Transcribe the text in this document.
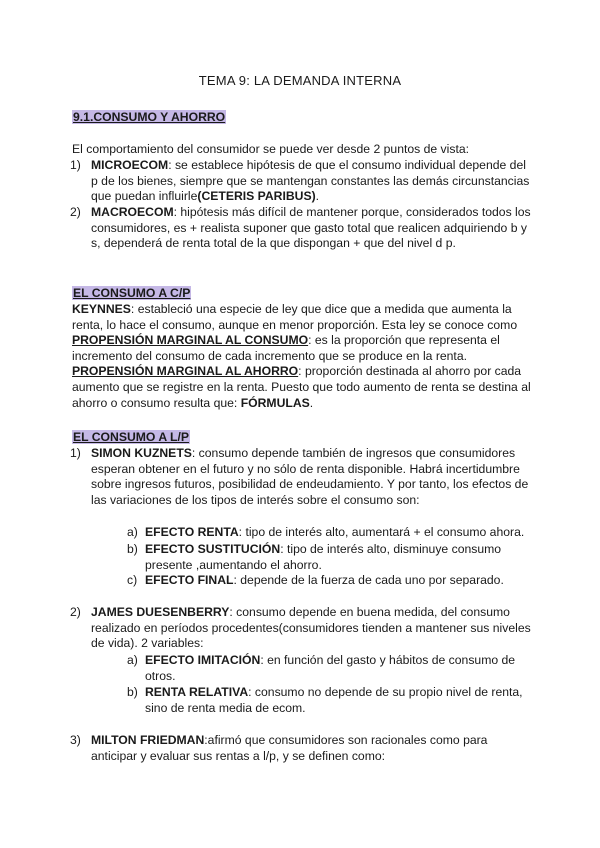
TEMA 9: LA DEMANDA INTERNA
9.1.CONSUMO Y AHORRO
El comportamiento del consumidor se puede ver desde 2 puntos de vista:
1) MICROECOM: se establece hipótesis de que el consumo individual depende del p de los bienes, siempre que se mantengan constantes las demás circunstancias que puedan influirle(CETERIS PARIBUS).
2) MACROECOM: hipótesis más difícil de mantener porque, considerados todos los consumidores, es + realista suponer que gasto total que realicen adquiriendo b y s, dependerá de renta total de la que dispongan + que del nivel d p.
EL CONSUMO A C/P
KEYNNES: estableció una especie de ley que dice que a medida que aumenta la renta, lo hace el consumo, aunque en menor proporción. Esta ley se conoce como PROPENSIÓN MARGINAL AL CONSUMO: es la proporción que representa el incremento del consumo de cada incremento que se produce en la renta. PROPENSIÓN MARGINAL AL AHORRO: proporción destinada al ahorro por cada aumento que se registre en la renta. Puesto que todo aumento de renta se destina al ahorro o consumo resulta que: FÓRMULAS.
EL CONSUMO A L/P
1) SIMON KUZNETS: consumo depende también de ingresos que consumidores esperan obtener en el futuro y no sólo de renta disponible. Habrá incertidumbre sobre ingresos futuros, posibilidad de endeudamiento. Y por tanto, los efectos de las variaciones de los tipos de interés sobre el consumo son:
a) EFECTO RENTA: tipo de interés alto, aumentará + el consumo ahora.
b) EFECTO SUSTITUCIÓN: tipo de interés alto, disminuye consumo presente ,aumentando el ahorro.
c) EFECTO FINAL: depende de la fuerza de cada uno por separado.
2) JAMES DUESENBERRY: consumo depende en buena medida, del consumo realizado en períodos procedentes(consumidores tienden a mantener sus niveles de vida). 2 variables:
a) EFECTO IMITACIÓN: en función del gasto y hábitos de consumo de otros.
b) RENTA RELATIVA: consumo no depende de su propio nivel de renta, sino de renta media de ecom.
3) MILTON FRIEDMAN:afirmó que consumidores son racionales como para anticipar y evaluar sus rentas a l/p, y se definen como:
